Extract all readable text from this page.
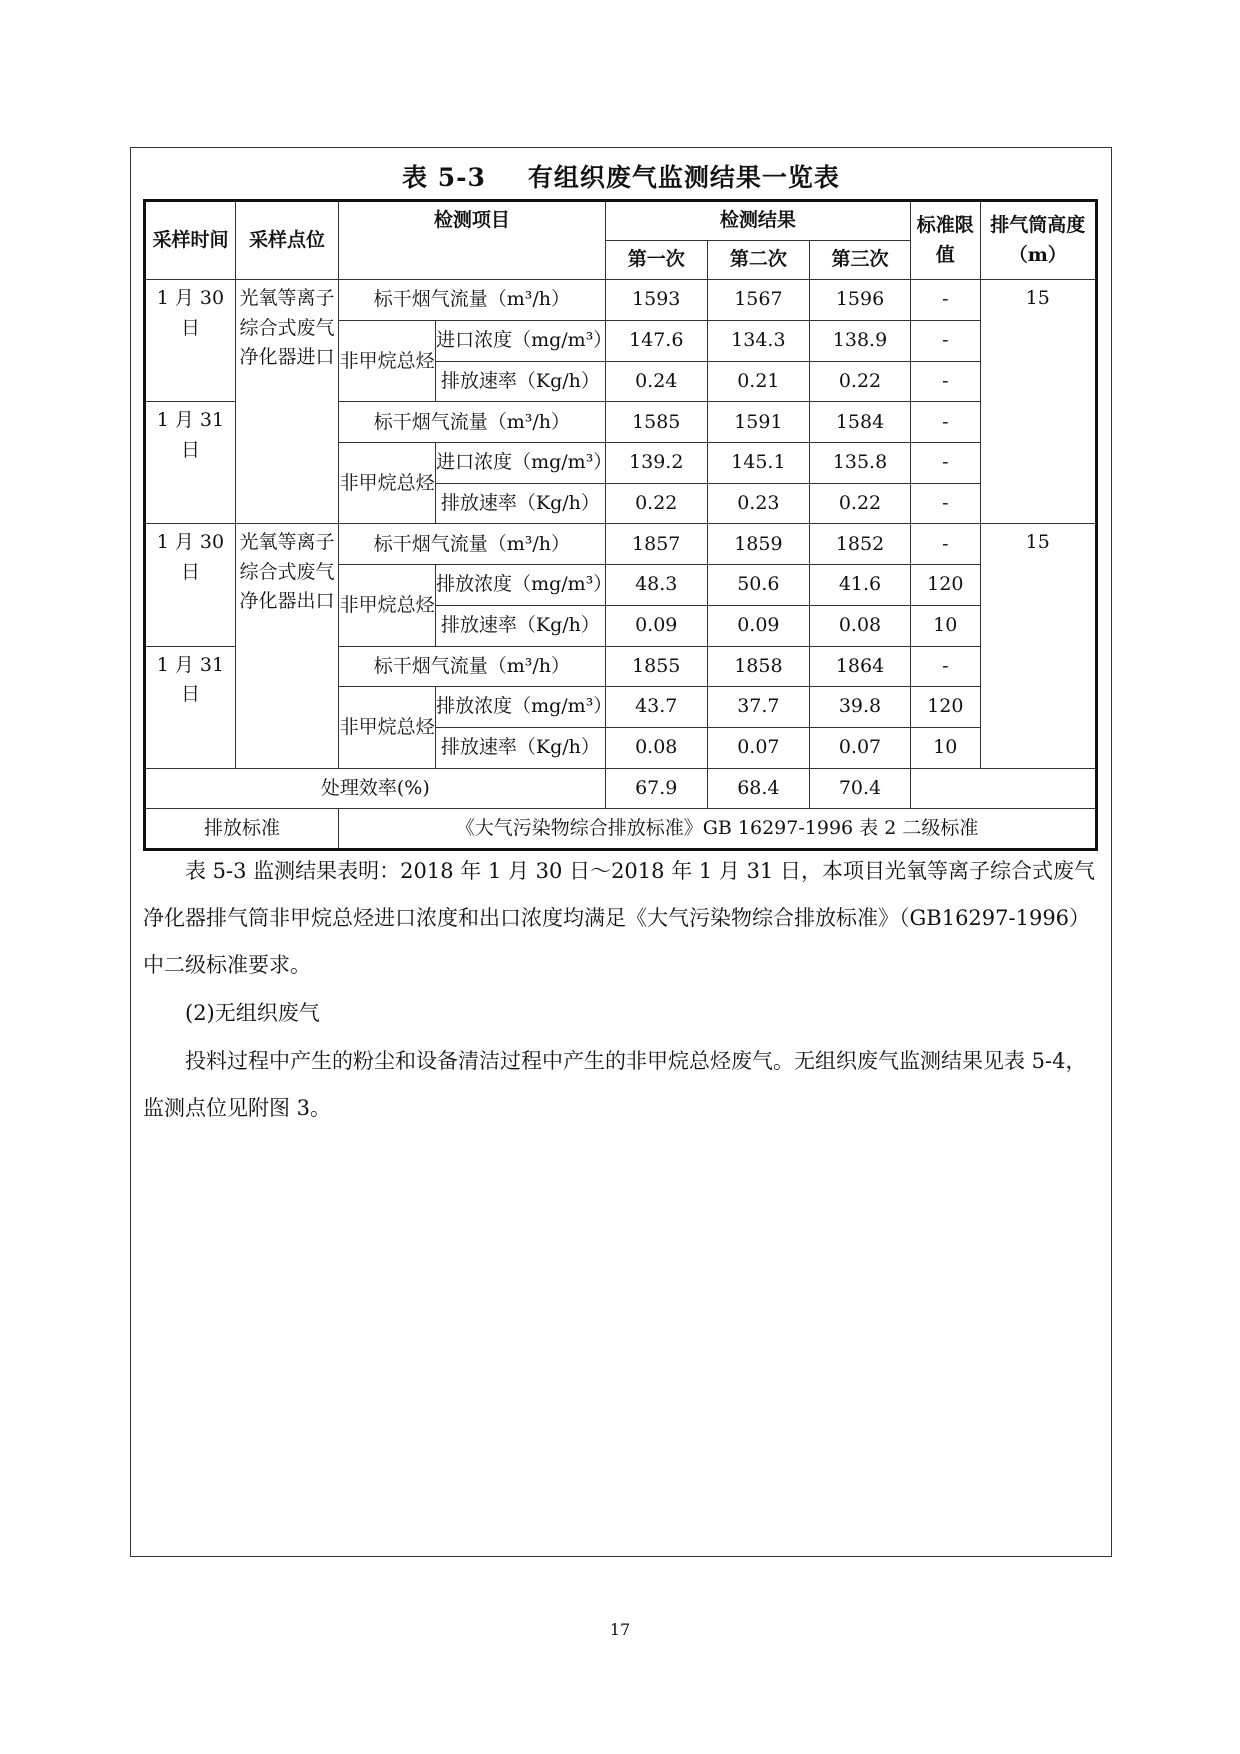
表 5-3 有组织废气监测结果一览表
采样时间	采样点位	检测项目		检测结果			标准限值	排气筒高度（m）
				第一次	第二次	第三次		
1 月 30 日	光氧等离子综合式废气净化器进口	标干烟气流量（m³/h）		1593	1567	1596	-	15
		非甲烷总烃	进口浓度（mg/m³）	147.6	134.3	138.9	-	
			排放速率（Kg/h）	0.24	0.21	0.22	-	
1 月 31 日		标干烟气流量（m³/h）		1585	1591	1584	-	
		非甲烷总烃	进口浓度（mg/m³）	139.2	145.1	135.8	-	
			排放速率（Kg/h）	0.22	0.23	0.22	-	
1 月 30 日	光氧等离子综合式废气净化器出口	标干烟气流量（m³/h）		1857	1859	1852	-	15
		非甲烷总烃	排放浓度（mg/m³）	48.3	50.6	41.6	120	
			排放速率（Kg/h）	0.09	0.09	0.08	10	
1 月 31 日		标干烟气流量（m³/h）		1855	1858	1864	-	
		非甲烷总烃	排放浓度（mg/m³）	43.7	37.7	39.8	120	
			排放速率（Kg/h）	0.08	0.07	0.07	10	
处理效率(%)				67.9	68.4	70.4		
排放标准		《大气污染物综合排放标准》GB 16297-1996 表 2 二级标准						
表 5-3 监测结果表明：2018 年 1 月 30 日～2018 年 1 月 31 日，本项目光氧等离子综合式废气净化器排气筒非甲烷总烃进口浓度和出口浓度均满足《大气污染物综合排放标准》（GB16297-1996）中二级标准要求。
(2)无组织废气
投料过程中产生的粉尘和设备清洁过程中产生的非甲烷总烃废气。无组织废气监测结果见表 5-4，监测点位见附图 3。
17
